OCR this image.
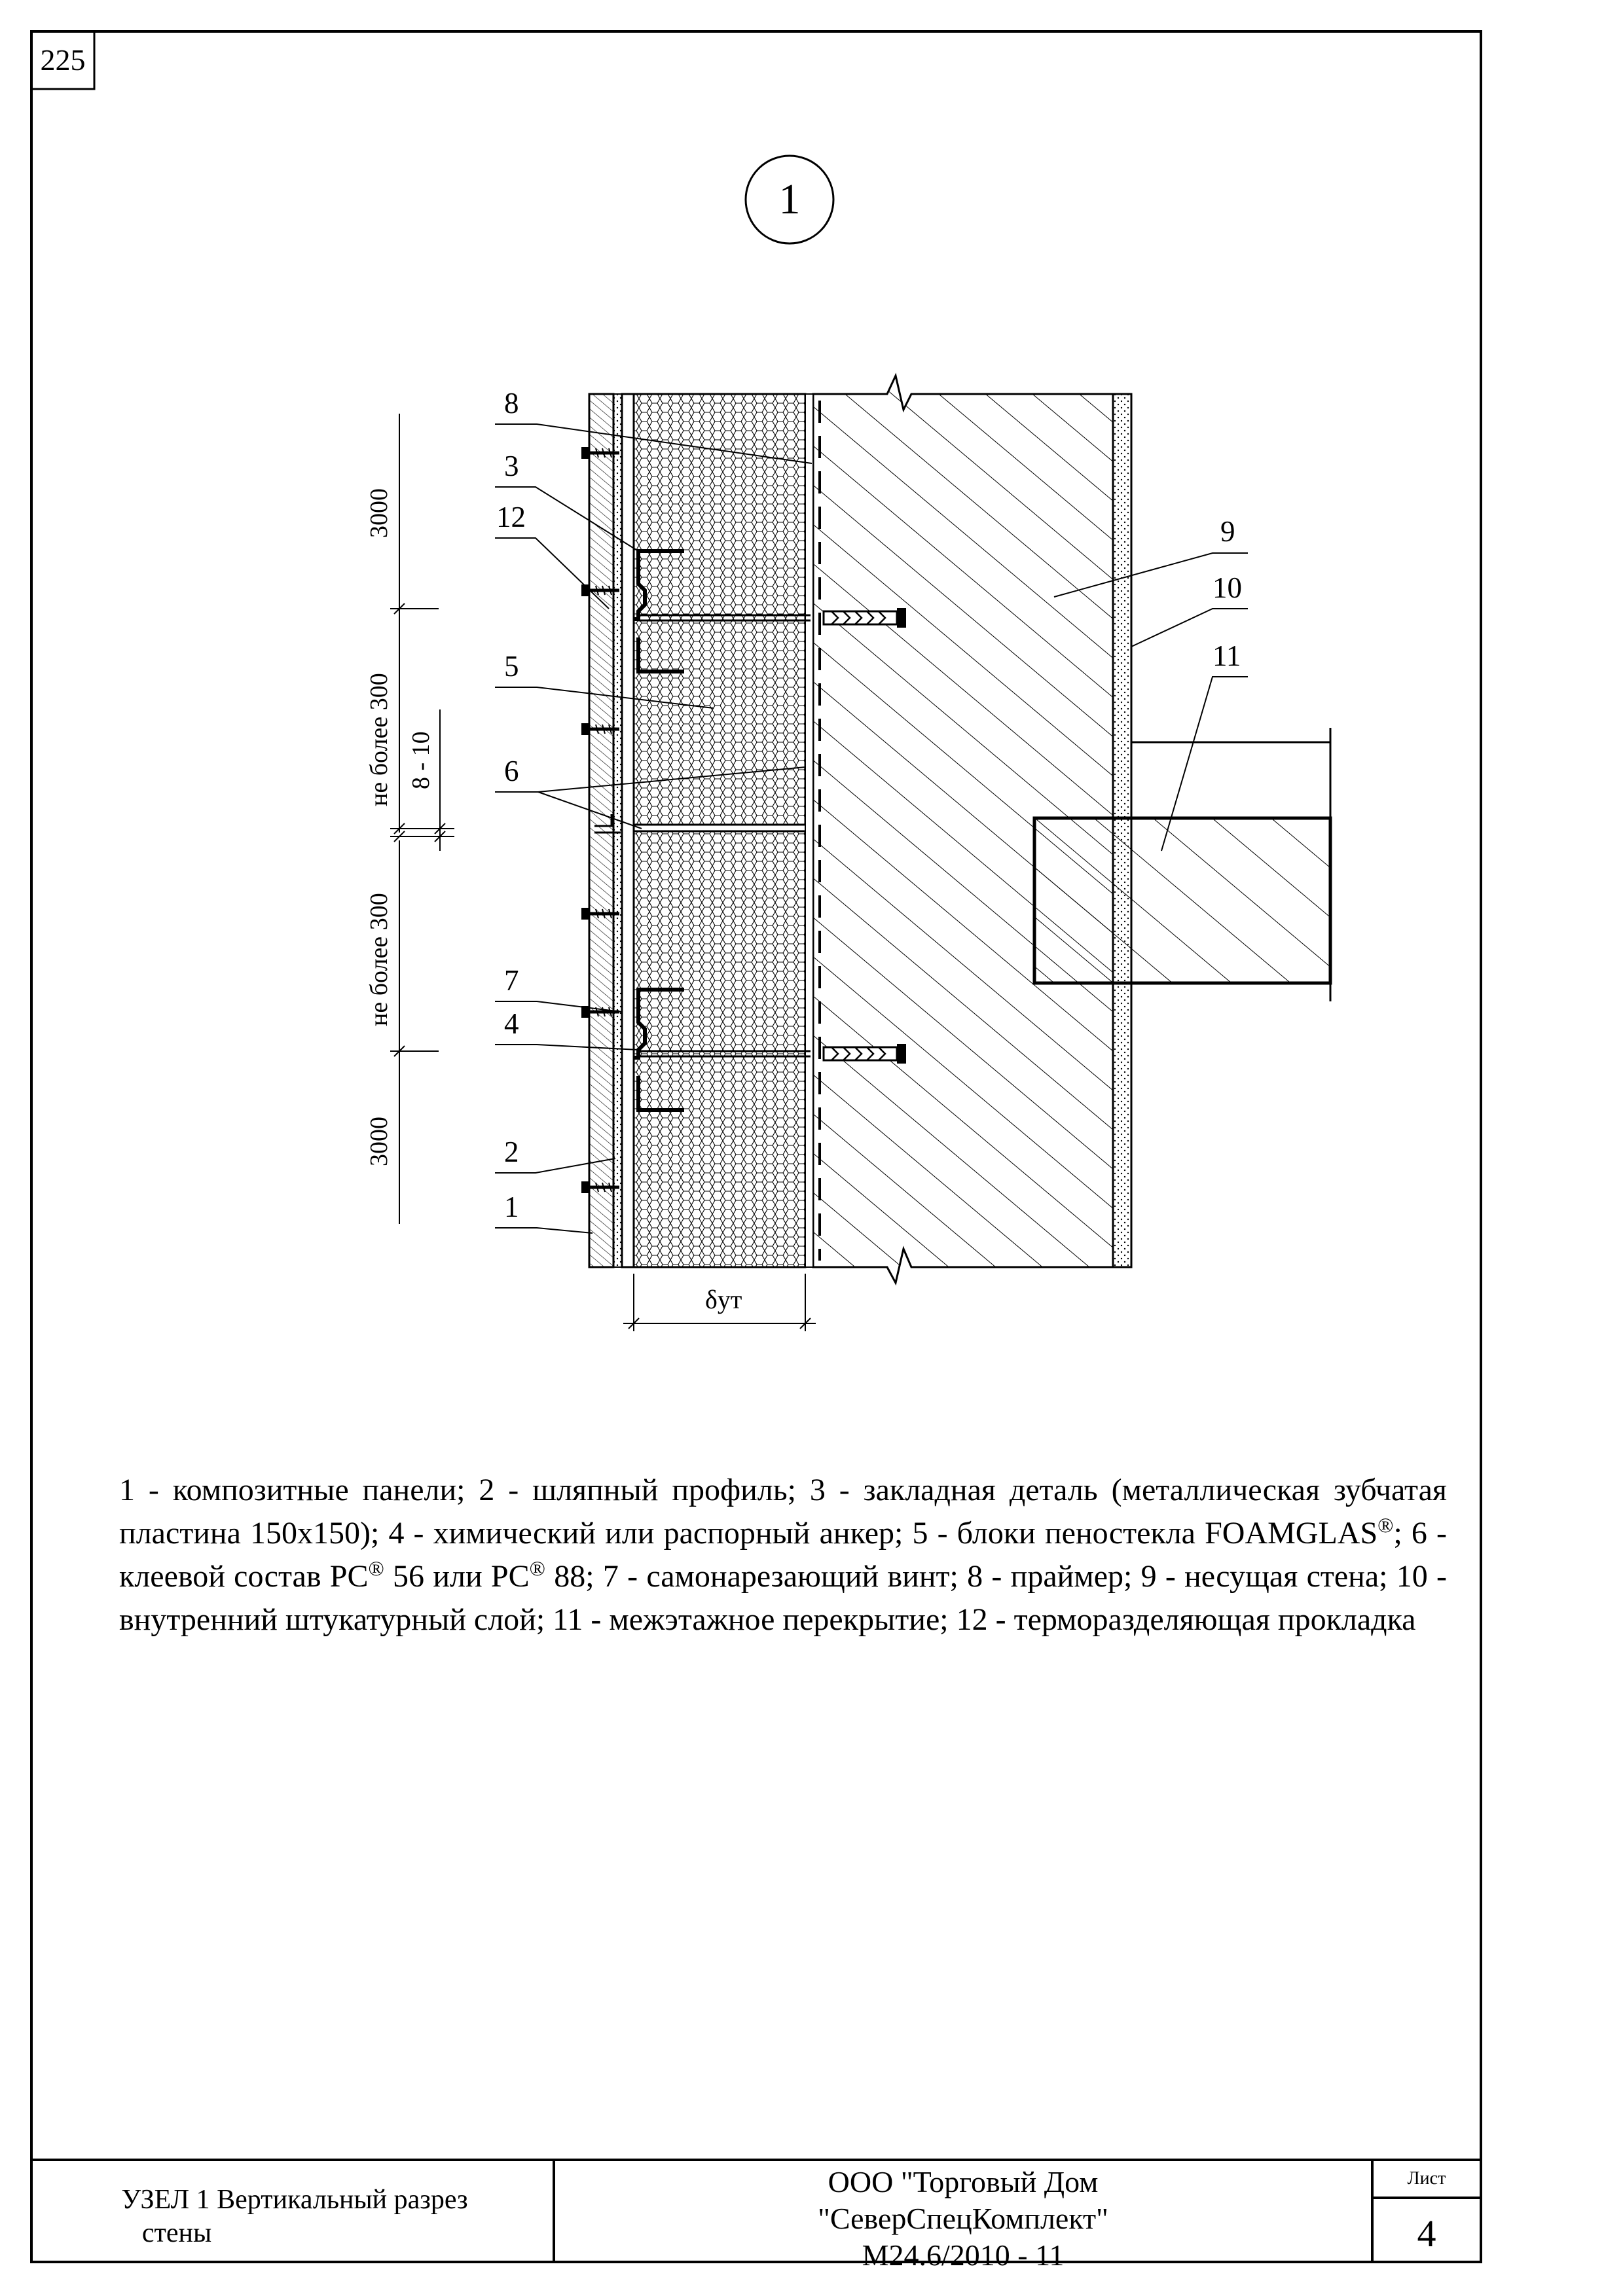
225
1
8
3
12
5
6
7
4
2
1
9
10
11
3000
не более 300 8 - 10
не более 300
3000
δут
1 - композитные панели; 2 - шляпный профиль; 3 - закладная деталь (металлическая зубчатая пластина 150х150); 4 - химический или распорный анкер; 5 - блоки пеностекла FOAMGLAS®; 6 - клеевой состав PC® 56 или PC® 88; 7 - самонарезающий винт; 8 - праймер; 9 - несущая стена; 10 - внутренний штукатурный слой; 11 - межэтажное перекрытие; 12 - терморазделяющая прокладка
УЗЕЛ 1 Вертикальный разрез
стены
ООО "Торговый Дом
"СеверСпецКомплект"
М24.6/2010 - 11
Лист
4
